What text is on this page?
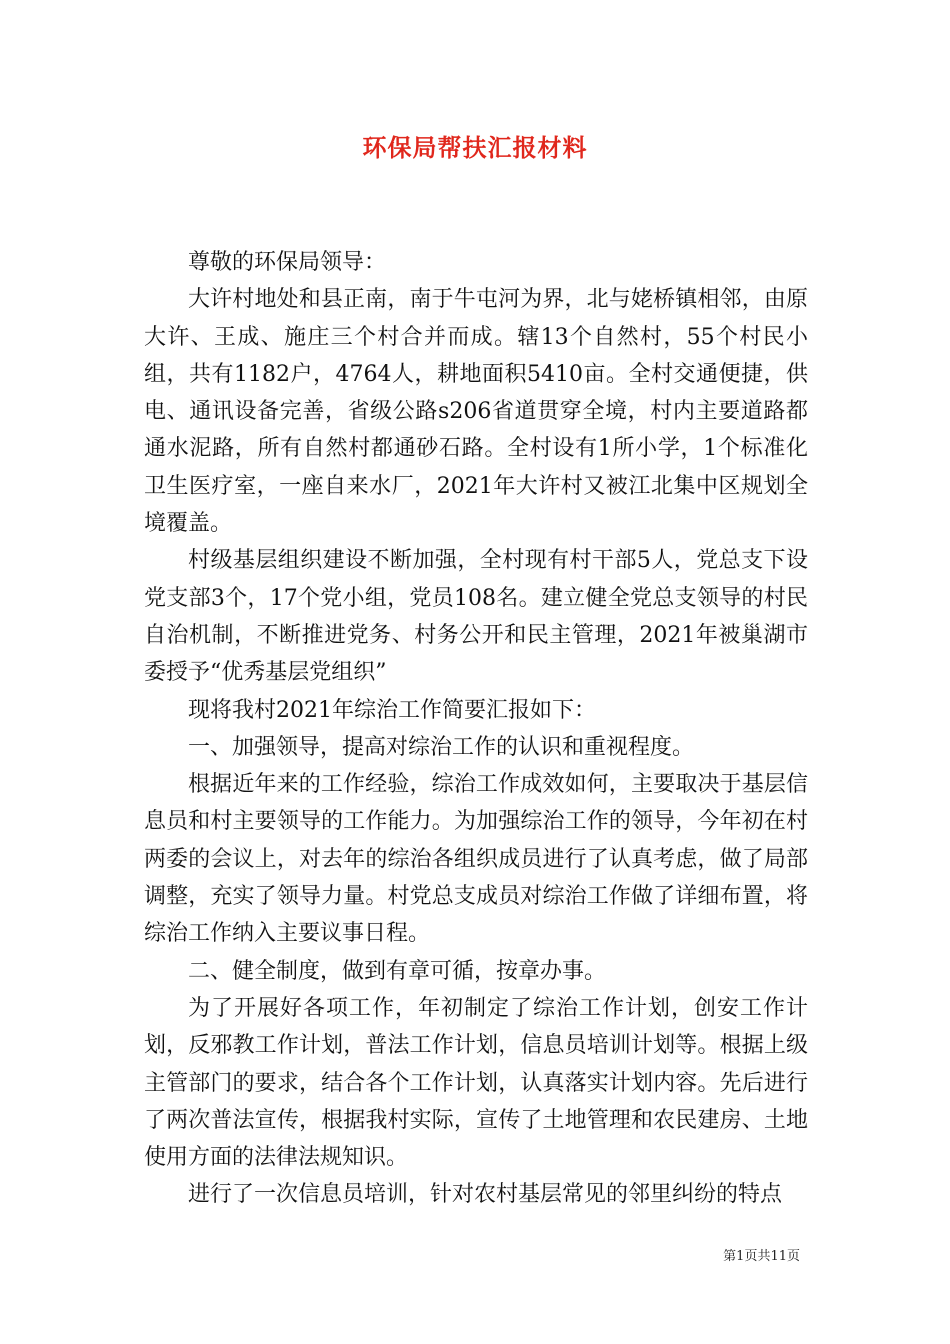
环保局帮扶汇报材料

尊敬的环保局领导：

大许村地处和县正南，南于牛屯河为界，北与姥桥镇相邻，由原大许、王成、施庄三个村合并而成。辖13个自然村，55个村民小组，共有1182户，4764人，耕地面积5410亩。全村交通便捷，供电、通讯设备完善，省级公路s206省道贯穿全境，村内主要道路都通水泥路，所有自然村都通砂石路。全村设有1所小学，1个标准化卫生医疗室，一座自来水厂，2021年大许村又被江北集中区规划全境覆盖。

村级基层组织建设不断加强，全村现有村干部5人，党总支下设党支部3个，17个党小组，党员108名。建立健全党总支领导的村民自治机制，不断推进党务、村务公开和民主管理，2021年被巢湖市委授予“优秀基层党组织”

现将我村2021年综治工作简要汇报如下：

一、加强领导，提高对综治工作的认识和重视程度。

根据近年来的工作经验，综治工作成效如何，主要取决于基层信息员和村主要领导的工作能力。为加强综治工作的领导，今年初在村两委的会议上，对去年的综治各组织成员进行了认真考虑，做了局部调整，充实了领导力量。村党总支成员对综治工作做了详细布置，将综治工作纳入主要议事日程。

二、健全制度，做到有章可循，按章办事。

为了开展好各项工作，年初制定了综治工作计划，创安工作计划，反邪教工作计划，普法工作计划，信息员培训计划等。根据上级主管部门的要求，结合各个工作计划，认真落实计划内容。先后进行了两次普法宣传，根据我村实际，宣传了土地管理和农民建房、土地使用方面的法律法规知识。

进行了一次信息员培训，针对农村基层常见的邻里纠纷的特点

第1页共11页
